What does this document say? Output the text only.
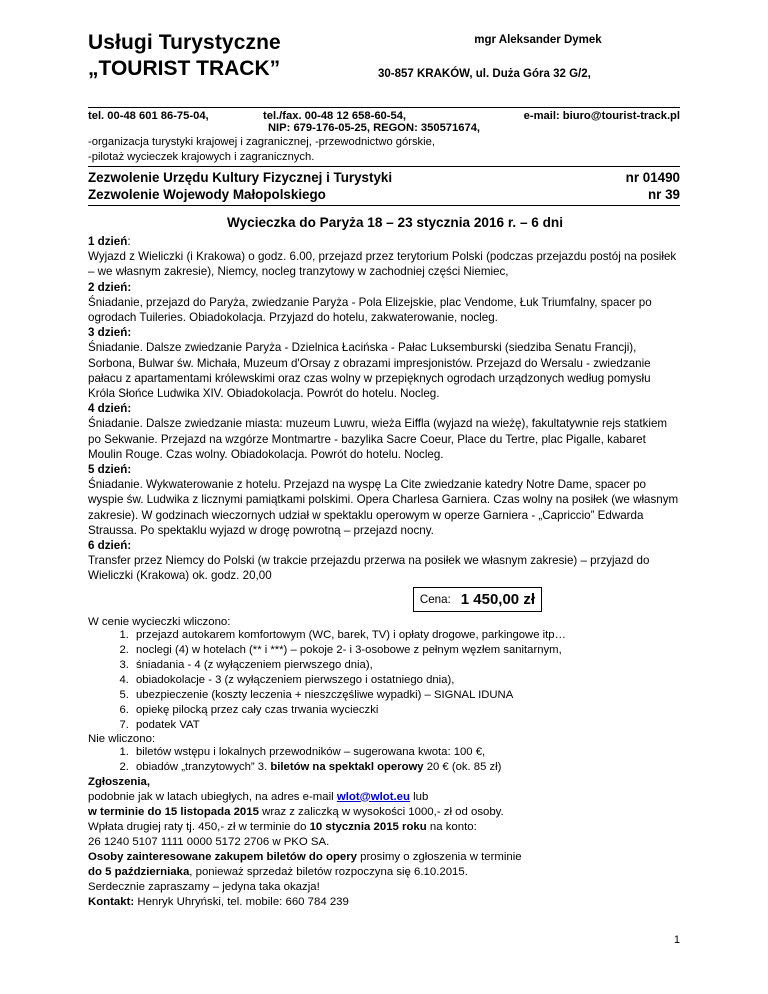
Usługi Turystyczne
„TOURIST TRACK”
mgr Aleksander Dymek
30-857 KRAKÓW, ul. Duża Góra 32 G/2,
tel. 00-48 601 86-75-04,	tel./fax. 00-48 12 658-60-54,	e-mail: biuro@tourist-track.pl
NIP: 679-176-05-25, REGON: 350571674,
-organizacja turystyki krajowej i zagranicznej, -przewodnictwo górskie,
-pilotaż wycieczek krajowych i zagranicznych.
Zezwolenie Urzędu Kultury Fizycznej i Turystyki	nr 01490
Zezwolenie Wojewody Małopolskiego	nr 39
Wycieczka do Paryża 18 – 23 stycznia 2016 r. – 6 dni
1 dzień:
Wyjazd z Wieliczki (i Krakowa) o godz. 6.00, przejazd przez terytorium Polski (podczas przejazdu postój na posiłek – we własnym zakresie), Niemcy, nocleg tranzytowy w zachodniej części Niemiec,
2 dzień:
Śniadanie, przejazd do Paryża, zwiedzanie Paryża - Pola Elizejskie, plac Vendome, Łuk Triumfalny, spacer po ogrodach Tuileries. Obiadokolacja. Przyjazd do hotelu, zakwaterowanie, nocleg.
3 dzień:
Śniadanie. Dalsze zwiedzanie Paryża - Dzielnica Łacińska - Pałac Luksemburski (siedziba Senatu Francji), Sorbona, Bulwar św. Michała, Muzeum d'Orsay z obrazami impresjonistów. Przejazd do Wersalu - zwiedzanie pałacu z apartamentami królewskimi oraz czas wolny w przepięknych ogrodach urządzonych według pomysłu Króla Słońce Ludwika XIV. Obiadokolacja. Powrót do hotelu. Nocleg.
4 dzień:
Śniadanie. Dalsze zwiedzanie miasta: muzeum Luwru, wieża Eiffla (wyjazd na wieżę), fakultatywnie rejs statkiem po Sekwanie. Przejazd na wzgórze Montmartre - bazylika Sacre Coeur, Place du Tertre, plac Pigalle, kabaret Moulin Rouge. Czas wolny. Obiadokolacja. Powrót do hotelu. Nocleg.
5 dzień:
Śniadanie. Wykwaterowanie z hotelu. Przejazd na wyspę La Cite zwiedzanie katedry Notre Dame, spacer po wyspie św. Ludwika z licznymi pamiątkami polskimi. Opera Charlesa Garniera. Czas wolny na posiłek (we własnym zakresie). W godzinach wieczornych udział w spektaklu operowym w operze Garniera - „Capriccio” Edwarda Straussa. Po spektaklu wyjazd w drogę powrotną – przejazd nocny.
6 dzień:
Transfer przez Niemcy do Polski (w trakcie przejazdu przerwa na posiłek we własnym zakresie) – przyjazd do Wieliczki (Krakowa) ok. godz. 20,00
Cena: 1 450,00 zł
W cenie wycieczki wliczono:
1. przejazd autokarem komfortowym (WC, barek, TV) i opłaty drogowe, parkingowe itp…
2. noclegi (4) w hotelach (** i ***) – pokoje 2- i 3-osobowe z pełnym węzłem sanitarnym,
3. śniadania - 4 (z wyłączeniem pierwszego dnia),
4. obiadokolacje - 3 (z wyłączeniem pierwszego i ostatniego dnia),
5. ubezpieczenie (koszty leczenia + nieszczęśliwe wypadki) – SIGNAL IDUNA
6. opiekę pilocką przez cały czas trwania wycieczki
7. podatek VAT
Nie wliczono:
1. biletów wstępu i lokalnych przewodników – sugerowana kwota: 100 €,
2. obiadów „tranzytowych” 3. biletów na spektakl operowy 20 € (ok. 85 zł)
Zgłoszenia,
podobnie jak w latach ubiegłych, na adres e-mail wlot@wlot.eu lub
w terminie do 15 listopada 2015 wraz z zaliczką w wysokości 1000,- zł od osoby.
Wpłata drugiej raty tj. 450,- zł w terminie do 10 stycznia 2015 roku na konto:
26 1240 5107 1111 0000 5172 2706 w PKO SA.
Osoby zainteresowane zakupem biletów do opery prosimy o zgłoszenia w terminie
do 5 październiaka, ponieważ sprzedaż biletów rozpoczyna się 6.10.2015.
Serdecznie zapraszamy – jedyna taka okazja!
Kontakt: Henryk Uhryński, tel. mobile: 660 784 239
1
